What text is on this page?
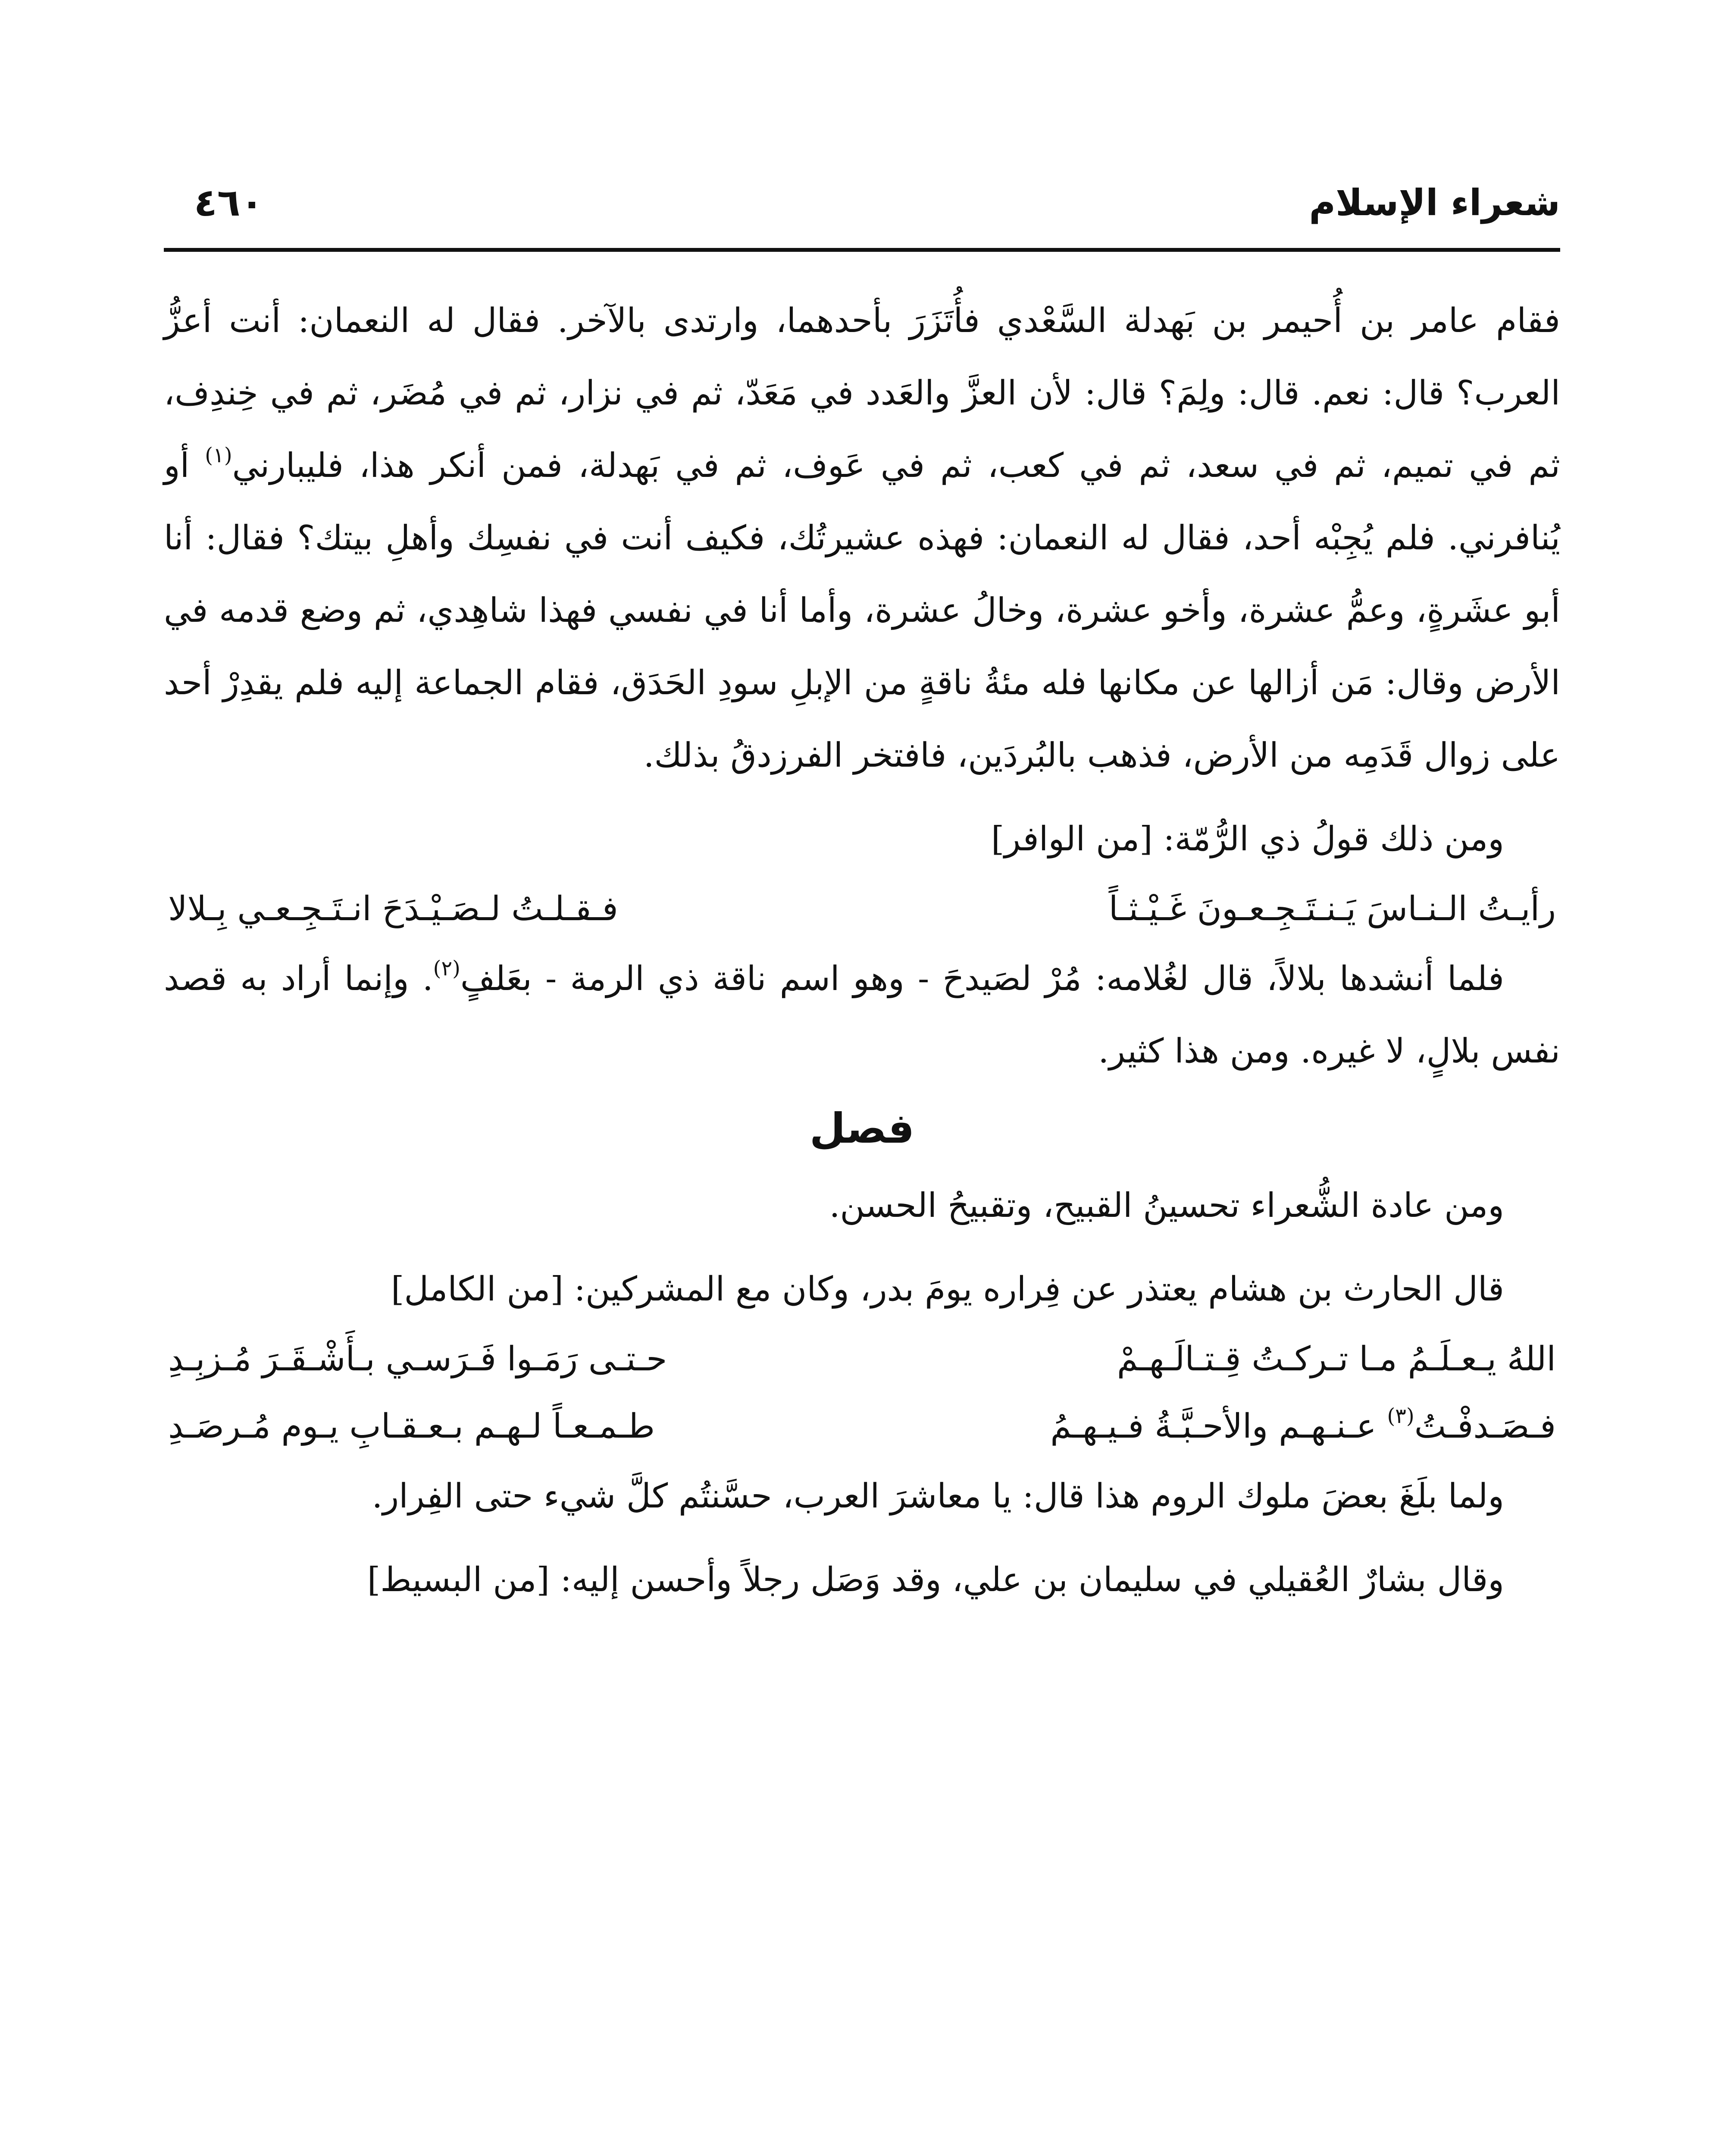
شعراء الإسلام
٤٦٠

فقام عامر بن أُحيمر بن بَهدلة السَّعْدي فأُتَزَرَ بأحدهما، وارتدى بالآخر. فقال له النعمان: أنت أعزُّ العرب؟ قال: نعم. قال: ولِمَ؟ قال: لأن العزَّ والعَدد في مَعَدّ، ثم في نزار، ثم في مُضَر، ثم في خِندِف، ثم في تميم، ثم في سعد، ثم في كعب، ثم في عَوف، ثم في بَهدلة، فمن أنكر هذا، فليبارني$^{(١)}$ أو يُنافرني. فلم يُجِبْه أحد، فقال له النعمان: فهذه عشيرتُك، فكيف أنت في نفسِك وأهلِ بيتك؟ فقال: أنا أبو عشَرةٍ، وعمُّ عشرة، وأخو عشرة، وخالُ عشرة، وأما أنا في نفسي فهذا شاهِدي، ثم وضع قدمه في الأرض وقال: مَن أزالها عن مكانها فله مئةُ ناقةٍ من الإبلِ سودِ الحَدَق، فقام الجماعة إليه فلم يقدِرْ أحد على زوال قَدَمِه من الأرض، فذهب بالبُردَين، فافتخر الفرزدقُ بذلك.

ومن ذلك قولُ ذي الرُّمّة: [من الوافر]

رأيـتُ الـنـاسَ يَـنـتَـجِـعـونَ غَـيْـثـاً
فـقـلـتُ لـصَـيْـدَحَ انـتَـجِـعـي بِـلالا

فلما أنشدها بلالاً، قال لغُلامه: مُرْ لصَيدحَ - وهو اسم ناقة ذي الرمة - بعَلفٍ$^{(٢)}$. وإنما أراد به قصد نفس بلالٍ، لا غيره. ومن هذا كثير.

فصل

ومن عادة الشُّعراء تحسينُ القبيح، وتقبيحُ الحسن.

قال الحارث بن هشام يعتذر عن فِراره يومَ بدر، وكان مع المشركين: [من الكامل]

اللهُ يـعـلَـمُ مـا تـركـتُ قِـتـالَـهـمْ
حـتـى رَمَـوا فَـرَسـي بـأَشْـقَـرَ مُـزبِـدِ
فـصَـدفْـتُ$^{(٣)}$ عـنـهـم والأحـبَّـةُ فـيـهـمُ
طـمـعـاً لـهـم بـعـقـابِ يـوم مُـرصَـدِ

ولما بلَغَ بعضَ ملوك الروم هذا قال: يا معاشرَ العرب، حسَّنتُم كلَّ شيء حتى الفِرار.

وقال بشارٌ العُقيلي في سليمان بن علي، وقد وَصَل رجلاً وأحسن إليه: [من البسيط]
